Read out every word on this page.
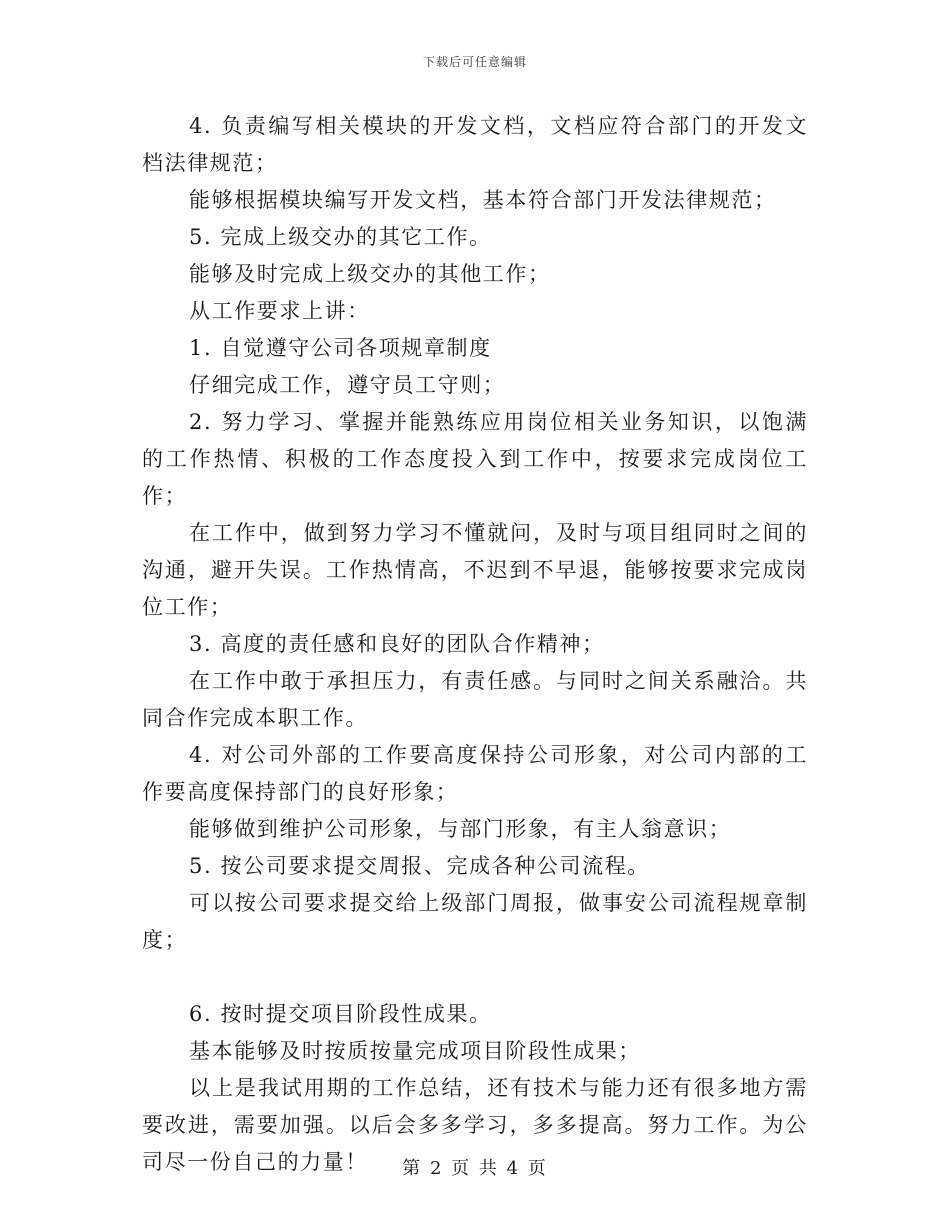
下载后可任意编辑

4. 负责编写相关模块的开发文档，文档应符合部门的开发文档法律规范；

能够根据模块编写开发文档，基本符合部门开发法律规范；

5. 完成上级交办的其它工作。

能够及时完成上级交办的其他工作；

从工作要求上讲：

1. 自觉遵守公司各项规章制度

仔细完成工作，遵守员工守则；

2. 努力学习、掌握并能熟练应用岗位相关业务知识，以饱满的工作热情、积极的工作态度投入到工作中，按要求完成岗位工作；

在工作中，做到努力学习不懂就问，及时与项目组同时之间的沟通，避开失误。工作热情高，不迟到不早退，能够按要求完成岗位工作；

3. 高度的责任感和良好的团队合作精神；

在工作中敢于承担压力，有责任感。与同时之间关系融洽。共同合作完成本职工作。

4. 对公司外部的工作要高度保持公司形象，对公司内部的工作要高度保持部门的良好形象；

能够做到维护公司形象，与部门形象，有主人翁意识；

5. 按公司要求提交周报、完成各种公司流程。

可以按公司要求提交给上级部门周报，做事安公司流程规章制度；

6. 按时提交项目阶段性成果。

基本能够及时按质按量完成项目阶段性成果；

以上是我试用期的工作总结，还有技术与能力还有很多地方需要改进，需要加强。以后会多多学习，多多提高。努力工作。为公司尽一份自己的力量！	第 2 页 共 4 页
